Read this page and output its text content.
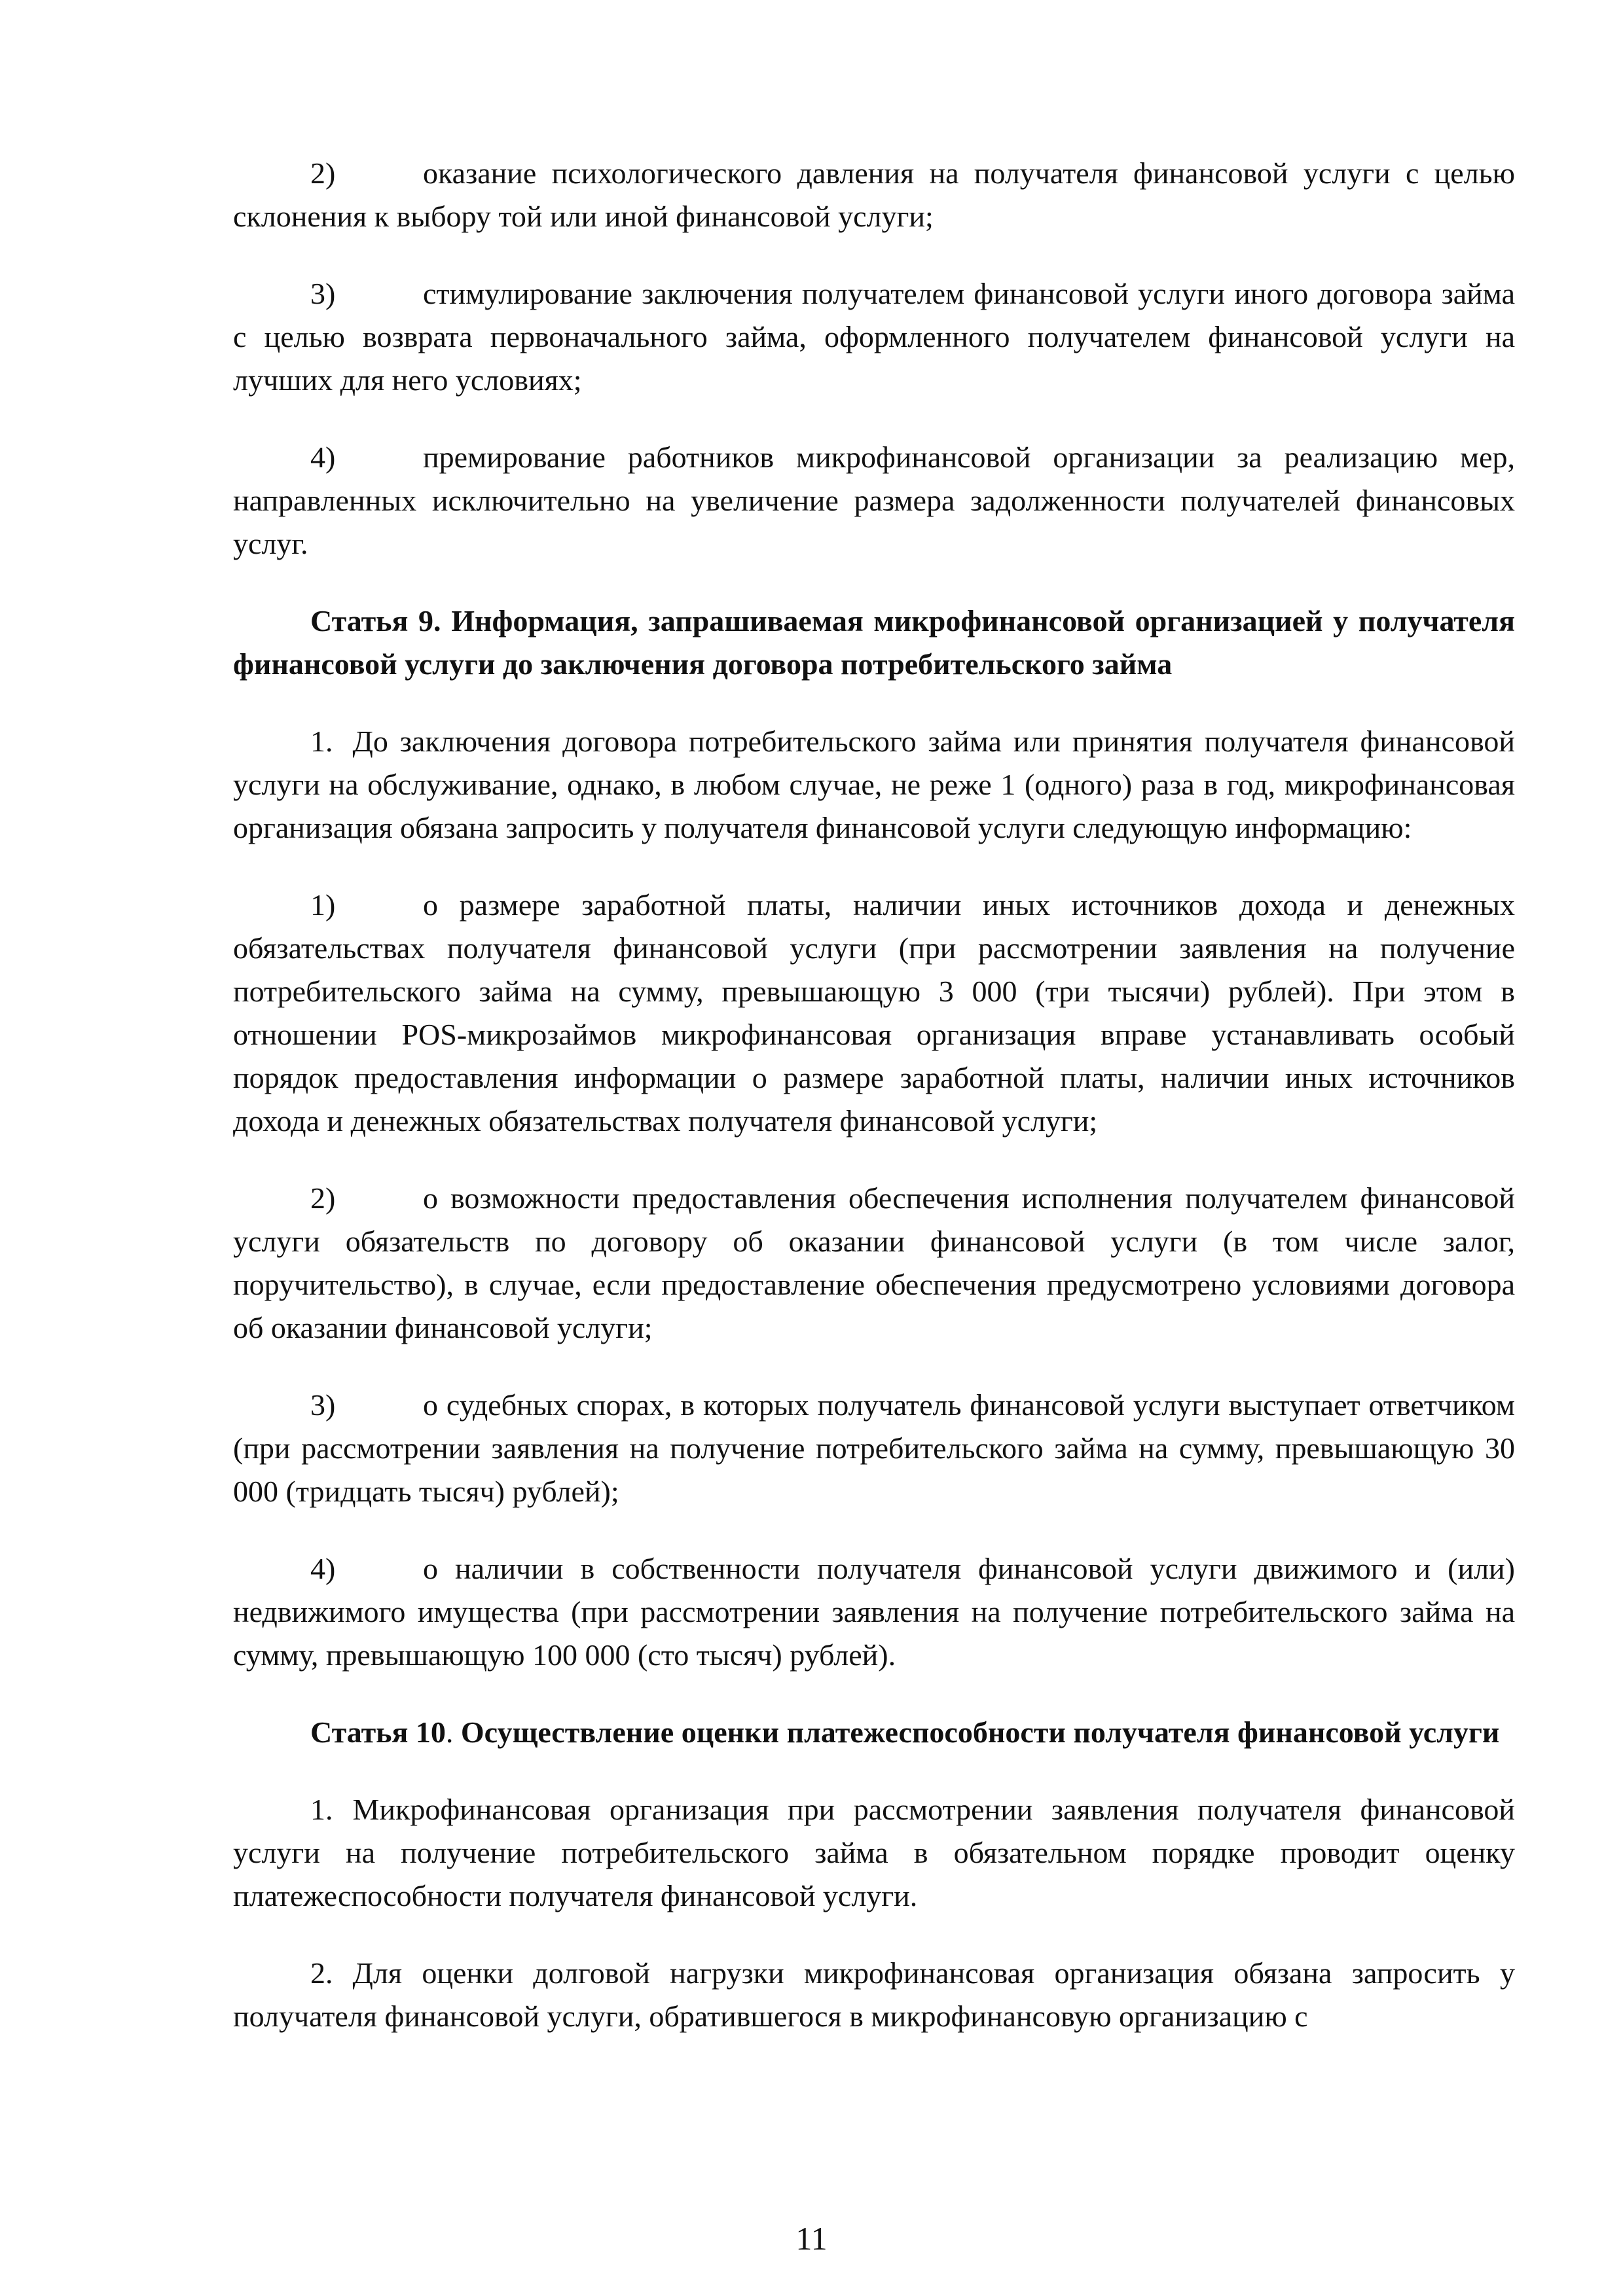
2)	оказание психологического давления на получателя финансовой услуги с целью склонения к выбору той или иной финансовой услуги;

3)	стимулирование заключения получателем финансовой услуги иного договора займа с целью возврата первоначального займа, оформленного получателем финансовой услуги на лучших для него условиях;

4)	премирование работников микрофинансовой организации за реализацию мер, направленных исключительно на увеличение размера задолженности получателей финансовых услуг.

Статья 9. Информация, запрашиваемая микрофинансовой организацией у получателя финансовой услуги до заключения договора потребительского займа

1. До заключения договора потребительского займа или принятия получателя финансовой услуги на обслуживание, однако, в любом случае, не реже 1 (одного) раза в год, микрофинансовая организация обязана запросить у получателя финансовой услуги следующую информацию:

1)	о размере заработной платы, наличии иных источников дохода и денежных обязательствах получателя финансовой услуги (при рассмотрении заявления на получение потребительского займа на сумму, превышающую 3 000 (три тысячи) рублей). При этом в отношении POS-микрозаймов микрофинансовая организация вправе устанавливать особый порядок предоставления информации о размере заработной платы, наличии иных источников дохода и денежных обязательствах получателя финансовой услуги;

2)	о возможности предоставления обеспечения исполнения получателем финансовой услуги обязательств по договору об оказании финансовой услуги (в том числе залог, поручительство), в случае, если предоставление обеспечения предусмотрено условиями договора об оказании финансовой услуги;

3)	о судебных спорах, в которых получатель финансовой услуги выступает ответчиком (при рассмотрении заявления на получение потребительского займа на сумму, превышающую 30 000 (тридцать тысяч) рублей);

4)	о наличии в собственности получателя финансовой услуги движимого и (или) недвижимого имущества (при рассмотрении заявления на получение потребительского займа на сумму, превышающую 100 000 (сто тысяч) рублей).

Статья 10. Осуществление оценки платежеспособности получателя финансовой услуги

1. Микрофинансовая организация при рассмотрении заявления получателя финансовой услуги на получение потребительского займа в обязательном порядке проводит оценку платежеспособности получателя финансовой услуги.

2. Для оценки долговой нагрузки микрофинансовая организация обязана запросить у получателя финансовой услуги, обратившегося в микрофинансовую организацию с

11
